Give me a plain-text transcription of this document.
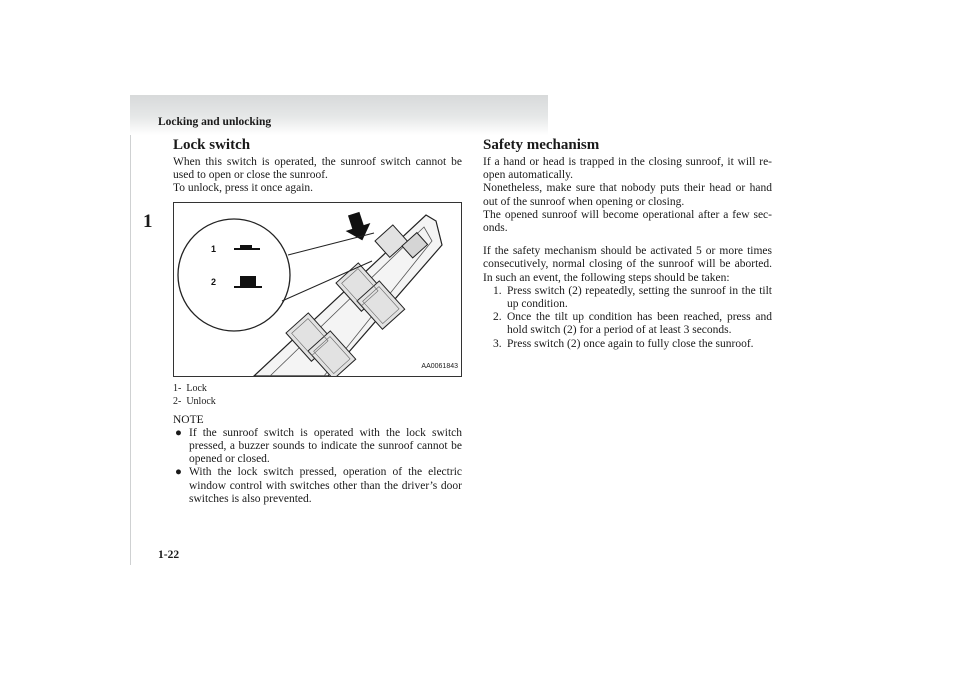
Locking and unlocking
1
Lock switch

When this switch is operated, the sunroof switch cannot be used to open or close the sunroof.

To unlock, press it once again.

1
2
AA0061843
1-  Lock
2-  Unlock
NOTE
● If the sunroof switch is operated with the lock switch pressed, a buzzer sounds to indicate the sunroof cannot be opened or closed.
● With the lock switch pressed, operation of the electric window control with switches other than the driver’s door switches is also prevented.
Safety mechanism

If a hand or head is trapped in the closing sunroof, it will re-open automatically.

Nonetheless, make sure that nobody puts their head or hand out of the sunroof when opening or closing.

The opened sunroof will become operational after a few sec-onds.

If the safety mechanism should be activated 5 or more times consecutively, normal closing of the sunroof will be aborted. In such an event, the following steps should be taken:

1. Press switch (2) repeatedly, setting the sunroof in the tilt up condition.
2. Once the tilt up condition has been reached, press and hold switch (2) for a period of at least 3 seconds.
3. Press switch (2) once again to fully close the sunroof.
1-22
